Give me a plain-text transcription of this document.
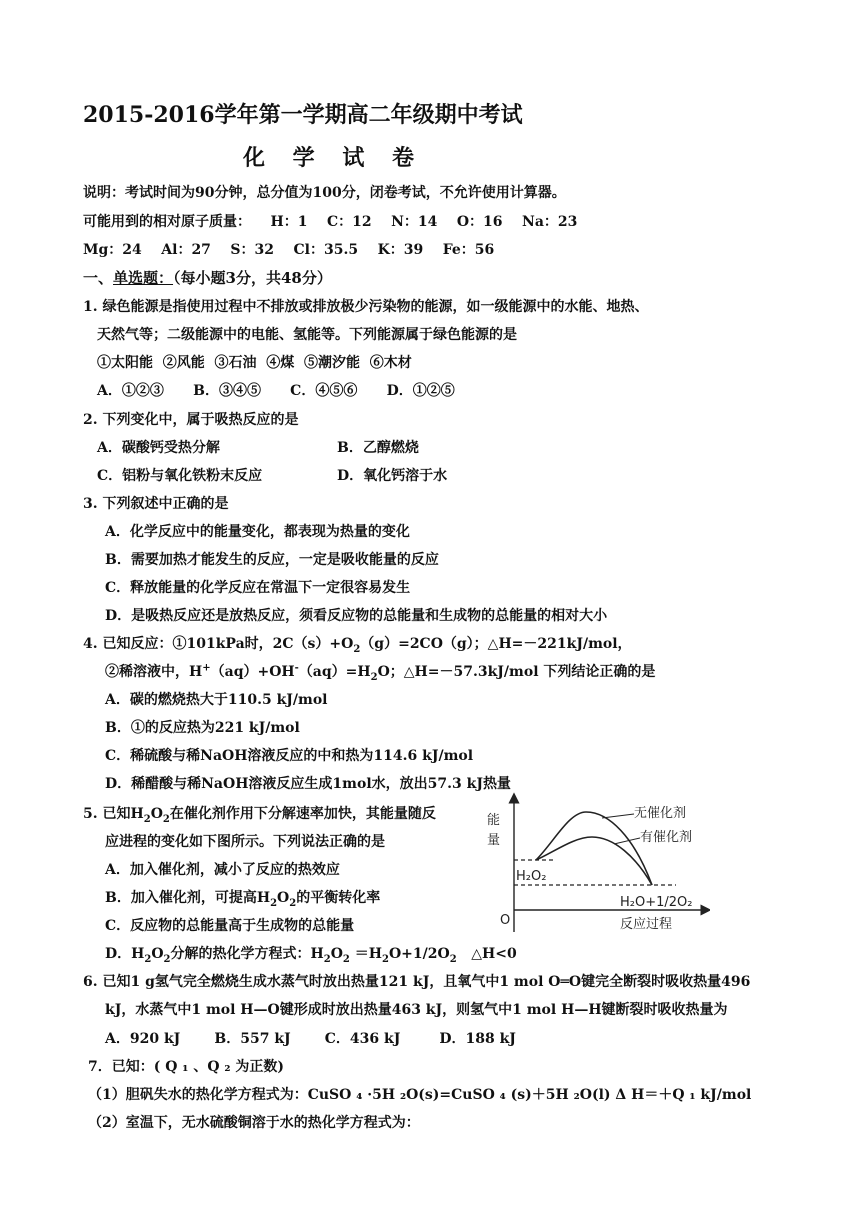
2015-2016学年第一学期高二年级期中考试
化 学 试 卷
说明：考试时间为90分钟，总分值为100分，闭卷考试，不允许使用计算器。
可能用到的相对原子质量：    H：1    C：12    N：14    O：16    Na：23
Mg：24    Al：27    S：32    Cl：35.5    K：39    Fe：56
一、单选题：（每小题3分，共48分）
1. 绿色能源是指使用过程中不排放或排放极少污染物的能源，如一级能源中的水能、地热、
天然气等；二级能源中的电能、氢能等。下列能源属于绿色能源的是
①太阳能  ②风能  ③石油  ④煤  ⑤潮汐能  ⑥木材
A．①②③      B．③④⑤      C．④⑤⑥      D．①②⑤
2. 下列变化中，属于吸热反应的是
A．碳酸钙受热分解	B．乙醇燃烧
C．铝粉与氧化铁粉末反应	D．氧化钙溶于水
3. 下列叙述中正确的是
A．化学反应中的能量变化，都表现为热量的变化
B．需要加热才能发生的反应，一定是吸收能量的反应
C．释放能量的化学反应在常温下一定很容易发生
D．是吸热反应还是放热反应，须看反应物的总能量和生成物的总能量的相对大小
4. 已知反应：①101kPa时，$2C(s)+O_2(g)=2CO(g)$；△H=－221kJ/mol，
②稀溶液中，$H^+(aq)+OH^-(aq)=H_2O$；△H=－57.3kJ/mol 下列结论正确的是
A．碳的燃烧热大于110.5 kJ/mol
B．①的反应热为221 kJ/mol
C．稀硫酸与稀NaOH溶液反应的中和热为114.6 kJ/mol
D．稀醋酸与稀NaOH溶液反应生成1mol水，放出57.3 kJ热量
5. 已知$H_2O_2$在催化剂作用下分解速率加快，其能量随反
应进程的变化如下图所示。下列说法正确的是
A．加入催化剂，减小了反应的热效应
B．加入催化剂，可提高$H_2O_2$的平衡转化率
C．反应物的总能量高于生成物的总能量
D．$H_2O_2$分解的热化学方程式：$H_2O_2 =H_2O+1/2O_2$   △H<0
能
量
O	反应过程
无催化剂
有催化剂
H₂O₂
H₂O+1/2O₂
6. 已知1 g氢气完全燃烧生成水蒸气时放出热量121 kJ，且氧气中1 mol O═O键完全断裂时吸收热量496
kJ，水蒸气中1 mol H—O键形成时放出热量463 kJ，则氢气中1 mol H—H键断裂时吸收热量为
A．920 kJ       B．557 kJ       C．436 kJ        D．188 kJ
7．已知：( Q ₁ 、Q ₂ 为正数)
（1）胆矾失水的热化学方程式为：CuSO ₄ ·5H ₂O(s)=CuSO ₄ (s)＋5H ₂O(l) Δ H＝＋Q ₁ kJ/mol
（2）室温下，无水硫酸铜溶于水的热化学方程式为：
